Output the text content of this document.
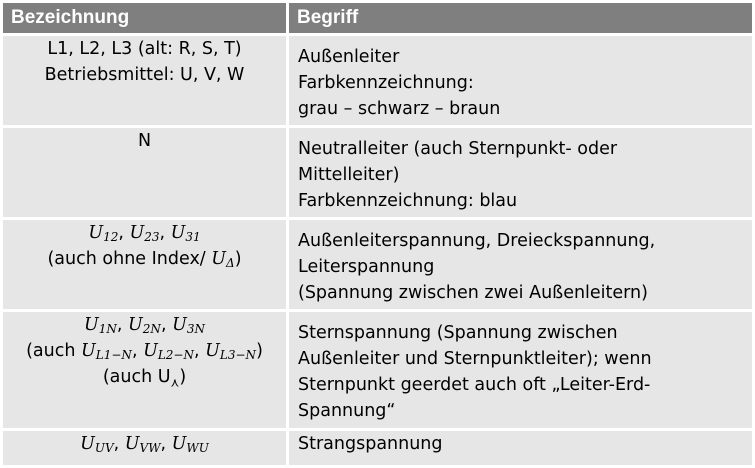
Bezeichnung	Begriff

L1, L2, L3 (alt: R, S, T)
Betriebsmittel: U, V, W	Außenleiter
Farbkennzeichnung:
grau – schwarz – braun

N	Neutralleiter (auch Sternpunkt- oder
Mittelleiter)
Farbkennzeichnung: blau

$U_{12}$, $U_{23}$, $U_{31}$
(auch ohne Index/ $U_\Delta$)	Außenleiterspannung, Dreieckspannung,
Leiterspannung
(Spannung zwischen zwei Außenleitern)

$U_{1N}$, $U_{2N}$, $U_{3N}$
(auch $U_{L1-N}$, $U_{L2-N}$, $U_{L3-N}$)
(auch $U_⋏$)	Sternspannung (Spannung zwischen
Außenleiter und Sternpunktleiter); wenn
Sternpunkt geerdet auch oft „Leiter-Erd-
Spannung“

$U_{UV}$, $U_{VW}$, $U_{WU}$	Strangspannung
